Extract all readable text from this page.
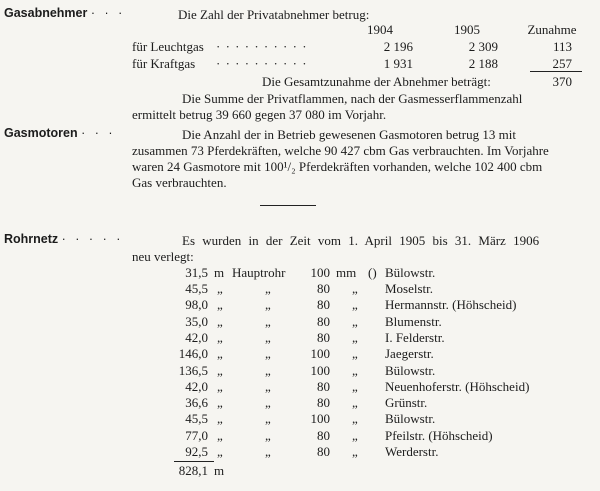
Gasabnehmer · · ·	Die Zahl der Privatabnehmer betrug:
1904	1905	Zunahme
für Leuchtgas · · · · · · · · · ·	2 196	2 309	113
für Kraftgas · · · · · · · · · ·	1 931	2 188	257
Die Gesamtzunahme der Abnehmer beträgt:	370
Die Summe der Privatflammen, nach der Gasmesserflammenzahl
ermittelt betrug 39 660 gegen 37 080 im Vorjahr.
Gasmotoren · · ·	Die Anzahl der in Betrieb gewesenen Gasmotoren betrug 13 mit
zusammen 73 Pferdekräften, welche 90 427 cbm Gas verbrauchten. Im Vorjahre
waren 24 Gasmotore mit 100¹/₂ Pferdekräften vorhanden, welche 102 400 cbm
Gas verbrauchten.
Rohrnetz · · · · ·	Es wurden in der Zeit vom 1. April 1905 bis 31. März 1906
neu verlegt:
31,5 m Hauptrohr	100 mm () Bülowstr.
45,5 „	„	80 „ Moselstr.
98,0 „	„	80 „ Hermannstr. (Höhscheid)
35,0 „	„	80 „ Blumenstr.
42,0 „	„	80 „ I. Felderstr.
146,0 „	„	100 „ Jaegerstr.
136,5 „	„	100 „ Bülowstr.
42,0 „	„	80 „ Neuenhoferstr. (Höhscheid)
36,6 „	„	80 „ Grünstr.
45,5 „	„	100 „ Bülowstr.
77,0 „	„	80 „ Pfeilstr. (Höhscheid)
92,5 „	„	80 „ Werderstr.
828,1 m
